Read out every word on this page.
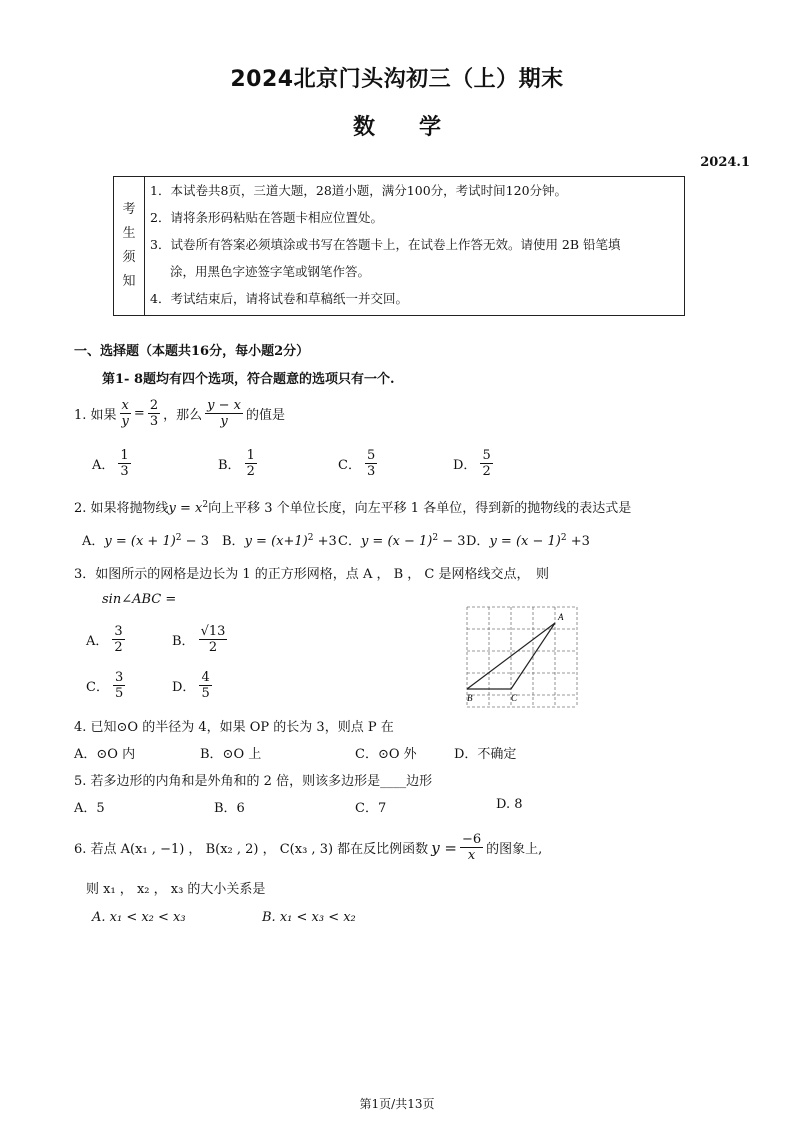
2024北京门头沟初三（上）期末
数　　学
2024.1
考
生
须
知
1．本试卷共8页，三道大题，28道小题，满分100分，考试时间120分钟。
2．请将条形码粘贴在答题卡相应位置处。
3．试卷所有答案必须填涂或书写在答题卡上，在试卷上作答无效。请使用 2B 铅笔填
涂，用黑色字迹签字笔或钢笔作答。
4．考试结束后，请将试卷和草稿纸一并交回。
一、选择题（本题共16分，每小题2分）
第1- 8题均有四个选项，符合题意的选项只有一个.
1. 如果 $\frac{x}{y} = \frac{2}{3}$ ，那么 $\frac{y - x}{y}$ 的值是
A． $\frac{1}{3}$	B． $\frac{1}{2}$	C． $\frac{5}{3}$	D． $\frac{5}{2}$
2. 如果将抛物线$y = x^2$向上平移 3 个单位长度，向左平移 1 各单位，得到新的抛物线的表达式是
A．$y = (x + 1)^2 - 3$ B．$y = (x+1)^2 +3$ C．$y = (x - 1)^2 - 3$ D．$y = (x - 1)^2 +3$
3．如图所示的网格是边长为 1 的正方形网格，点 A ， B ， C 是网格线交点，　则
sin∠ABC =
A． $\frac{3}{2}$	B． $\frac{√13}{2}$
C． $\frac{3}{5}$	D． $\frac{4}{5}$
A
B	C
4. 已知⊙O 的半径为 4，如果 OP 的长为 3，则点 P 在
A．⊙O 内	B．⊙O 上	C．⊙O 外	D．不确定
5. 若多边形的内角和是外角和的 2 倍，则该多边形是____边形
A．5	B．6	C．7	D. 8
6. 若点 A(x₁ , −1) ， B(x₂ , 2) ， C(x₃ , 3) 都在反比例函数 $y = \frac{-6}{x}$ 的图象上,
则 x₁ ， x₂ ， x₃ 的大小关系是
A. x₁ < x₂ < x₃	B. x₁ < x₃ < x₂
第1页/共13页
